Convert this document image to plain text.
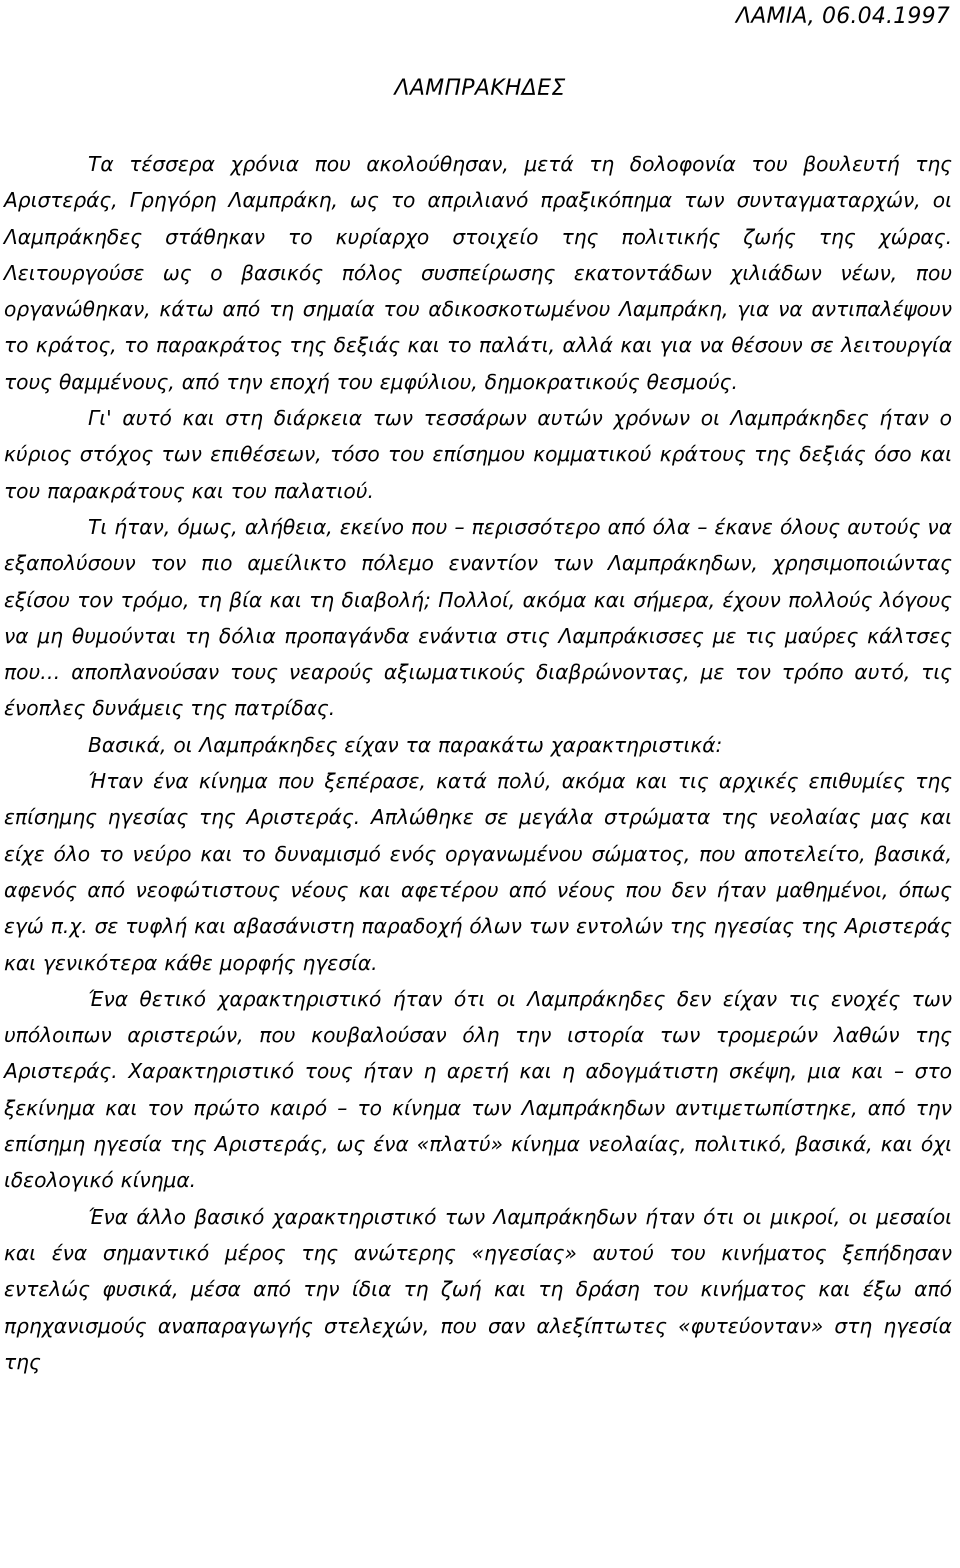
ΛΑΜΙΑ, 06.04.1997
ΛΑΜΠΡΑΚΗΔΕΣ

Τα τέσσερα χρόνια που ακολούθησαν, μετά τη δολοφονία του βουλευτή της Αριστεράς, Γρηγόρη Λαμπράκη, ως το απριλιανό πραξικόπημα των συνταγματαρχών, οι Λαμπράκηδες στάθηκαν το κυρίαρχο στοιχείο της πολιτικής ζωής της χώρας. Λειτουργούσε ως ο βασικός πόλος συσπείρωσης εκατοντάδων χιλιάδων νέων, που οργανώθηκαν, κάτω από τη σημαία του αδικοσκοτωμένου Λαμπράκη, για να αντιπαλέψουν το κράτος, το παρακράτος της δεξιάς και το παλάτι, αλλά και για να θέσουν σε λειτουργία τους θαμμένους, από την εποχή του εμφύλιου, δημοκρατικούς θεσμούς.

Γι' αυτό και στη διάρκεια των τεσσάρων αυτών χρόνων οι Λαμπράκηδες ήταν ο κύριος στόχος των επιθέσεων, τόσο του επίσημου κομματικού κράτους της δεξιάς όσο και του παρακράτους και του παλατιού.

Τι ήταν, όμως, αλήθεια, εκείνο που – περισσότερο από όλα – έκανε όλους αυτούς να εξαπολύσουν τον πιο αμείλικτο πόλεμο εναντίον των Λαμπράκηδων, χρησιμοποιώντας εξίσου τον τρόμο, τη βία και τη διαβολή; Πολλοί, ακόμα και σήμερα, έχουν πολλούς λόγους να μη θυμούνται τη δόλια προπαγάνδα ενάντια στις Λαμπράκισσες με τις μαύρες κάλτσες που… αποπλανούσαν τους νεαρούς αξιωματικούς διαβρώνοντας, με τον τρόπο αυτό, τις ένοπλες δυνάμεις της πατρίδας.

Βασικά, οι Λαμπράκηδες είχαν τα παρακάτω χαρακτηριστικά:

Ήταν ένα κίνημα που ξεπέρασε, κατά πολύ, ακόμα και τις αρχικές επιθυμίες της επίσημης ηγεσίας της Αριστεράς. Απλώθηκε σε μεγάλα στρώματα της νεολαίας μας και είχε όλο το νεύρο και το δυναμισμό ενός οργανωμένου σώματος, που αποτελείτο, βασικά, αφενός από νεοφώτιστους νέους και αφετέρου από νέους που δεν ήταν μαθημένοι, όπως εγώ π.χ. σε τυφλή και αβασάνιστη παραδοχή όλων των εντολών της ηγεσίας της Αριστεράς και γενικότερα κάθε μορφής ηγεσία.

Ένα θετικό χαρακτηριστικό ήταν ότι οι Λαμπράκηδες δεν είχαν τις ενοχές των υπόλοιπων αριστερών, που κουβαλούσαν όλη την ιστορία των τρομερών λαθών της Αριστεράς. Χαρακτηριστικό τους ήταν η αρετή και η αδογμάτιστη σκέψη, μια και – στο ξεκίνημα και τον πρώτο καιρό – το κίνημα των Λαμπράκηδων αντιμετωπίστηκε, από την επίσημη ηγεσία της Αριστεράς, ως ένα «πλατύ» κίνημα νεολαίας, πολιτικό, βασικά, και όχι ιδεολογικό κίνημα.

Ένα άλλο βασικό χαρακτηριστικό των Λαμπράκηδων ήταν ότι οι μικροί, οι μεσαίοι και ένα σημαντικό μέρος της ανώτερης «ηγεσίας» αυτού του κινήματος ξεπήδησαν εντελώς φυσικά, μέσα από την ίδια τη ζωή και τη δράση του κινήματος και έξω από πρηχανισμούς αναπαραγωγής στελεχών, που σαν αλεξίπτωτες «φυτεύονταν» στη ηγεσία της
